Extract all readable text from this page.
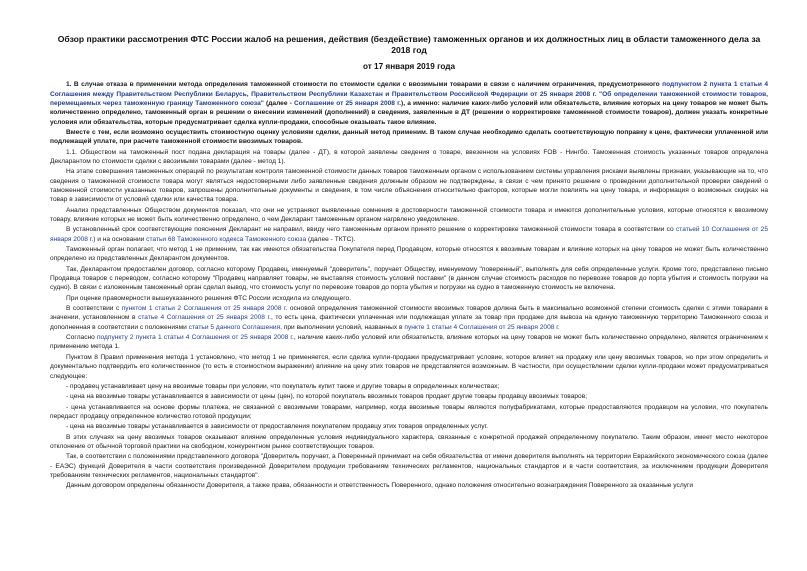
Обзор практики рассмотрения ФТС России жалоб на решения, действия (бездействие) таможенных органов и их должностных лиц в области таможенного дела за 2018 год
от 17 января 2019 года

1. В случае отказа в применении метода определения таможенной стоимости по стоимости сделки с ввозимыми товарами в связи с наличием ограничения, предусмотренного подпунктом 2 пункта 1 статьи 4 Соглашения между Правительством Республики Беларусь, Правительством Республики Казахстан и Правительством Российской Федерации от 25 января 2008 г. "Об определении таможенной стоимости товаров, перемещаемых через таможенную границу Таможенного союза" (далее - Соглашение от 25 января 2008 г.), а именно: наличие каких-либо условий или обязательств, влияние которых на цену товаров не может быть количественно определено, таможенный орган в решении о внесении изменений (дополнений) в сведения, заявленные в ДТ (решении о корректировке таможенной стоимости товаров), должен указать конкретные условия или обязательства, которые предусматривает сделка купли-продажи, способные оказывать такое влияние.

Вместе с тем, если возможно осуществить стоимостную оценку условиям сделки, данный метод применим. В таком случае необходимо сделать соответствующую поправку к цене, фактически уплаченной или подлежащей уплате, при расчете таможенной стоимости ввозимых товаров.

1.1. Обществом на таможенный пост подана декларация на товары (далее - ДТ), в которой заявлены сведения о товаре, ввезенном на условиях FOB - Нингбо. Таможенная стоимость указанных товаров определена Декларантом по стоимости сделки с ввозимыми товарами (далее - метод 1).

На этапе совершения таможенных операций по результатам контроля таможенной стоимости данных товаров таможенным органом с использованием системы управления рисками выявлены признаки, указывающие на то, что сведения о таможенной стоимости товара могут являться недостоверными либо заявленные сведения должным образом не подтверждены, в связи с чем принято решение о проведении дополнительной проверки сведений о таможенной стоимости указанных товаров, запрошены дополнительные документы и сведения, в том числе объяснения относительно факторов, которые могли повлиять на цену товара, и информация о возможных скидках на товар в зависимости от условий сделки или качества товара.

Анализ представленных Обществом документов показал, что они не устраняют выявленные сомнения в достоверности таможенной стоимости товара и имеются дополнительные условия, которые относятся к ввозимому товару, влияние которых не может быть количественно определено, о чем Декларант таможенным органом нагрвлено уведомление.

В установленный срок соответствующие пояснения Декларант не направил, ввиду чего таможенным органом принято решение о корректировке таможенной стоимости товара в соответствии со статьей 10 Соглашения от 25 января 2008 г.) и на основании статьи 68 Таможенного кодекса Таможенного союза (далее - ТКТС).

Таможенный орган полагает, что метод 1 не применим, так как имеются обязательства Покупателя перед Продавцом, которые относятся к ввозимым товарам и влияние которых на цену товаров не может быть количественно определено из представленных Декларантом документов.

Так, Декларантом предоставлен договор, согласно которому Продавец, именуемый "доверитель", поручает Обществу, именуемому "поверенный", выполнять для себя определенные услуги. Кроме того, представлено письмо Продавца товаров с переводом, согласно которому "Продавец направляет товары, не выставляя стоимость условий поставки" (в данном случае стоимость расходов по перевозке товаров до порта убытия и стоимость погрузки на судно). В связи с изложенным таможенный орган сделал вывод, что стоимость услуг по перевозке товаров до порта убытия и погрузки на судно в таможенную стоимость не включена.

При оценке правомерности вышеуказанного решения ФТС России исходила из следующего.

В соответствии с пунктом 1 статьи 2 Соглашения от 25 января 2008 г. основой определения таможенной стоимости ввозимых товаров должна быть в максимально возможной степени стоимость сделки с этими товарами в значении, установленном в статье 4 Соглашения от 25 января 2008 г., то есть цена, фактически уплаченная или подлежащая уплате за товар при продаже для вывоза на единую таможенную территорию Таможенного союза и дополненная в соответствии с положениями статьи 5 данного Соглашения, при выполнении условий, названных в пункте 1 статьи 4 Соглашения от 25 января 2008 г.

Согласно подпункту 2 пункта 1 статьи 4 Соглашения от 25 января 2008 г., наличие каких-либо условий или обязательств, влияние которых на цену товаров не может быть количественно определено, является ограничением к применению метода 1.

Пунктом 8 Правил применения метода 1 установлено, что метод 1 не применяется, если сделка купли-продажи предусматривает условие, которое влияет на продажу или цену ввозимых товаров, но при этом определить и документально подтвердить его количественное (то есть в стоимостном выражении) влияние на цену этих товаров не представляется возможным. В частности, при осуществлении сделки купли-продажи может предусматриваться следующее:

- продавец устанавливает цену на ввозимые товары при условии, что покупатель купит также и другие товары в определенных количествах;

- цена на ввозимые товары устанавливается в зависимости от цены (цен), по которой покупатель ввозимых товаров продает другие товары продавцу ввозимых товаров;

- цена устанавливается на основе формы платежа, не связанной с ввозимыми товарами, например, когда ввозимые товары являются полуфабрикатами, которые предоставляются продавцом на условии, что покупатель передаст продавцу определенное количество готовой продукции;

- цена на ввозимые товары устанавливается в зависимости от предоставления покупателем продавцу этих товаров определенных услуг.

В этих случаях на цену ввозимых товаров оказывают влияние определенные условия индивидуального характера, связанные с конкретной продажей определенному покупателю. Таким образом, имеет место некоторое отклонение от обычной торговой практики на свободном, конкурентном рынке соответствующих товаров.

Так, в соответствии с положениями представленного договора "Доверитель поручает, а Поверенный принимает на себя обязательства от имени доверителя выполнять на территории Евразийского экономического союза (далее - ЕАЭС) функций Доверителя в части соответствия произведенной Доверителем продукции требованиям технических регламентов, национальных стандартов и в части соответствия, за исключением продукции Доверителя требованиям технических регламентов, национальных стандартов".

Данным договором определены обязанности Доверителя, а также права, обязанности и ответственность Поверенного, однако положения относительно вознаграждения Поверенного за оказанные услуги
